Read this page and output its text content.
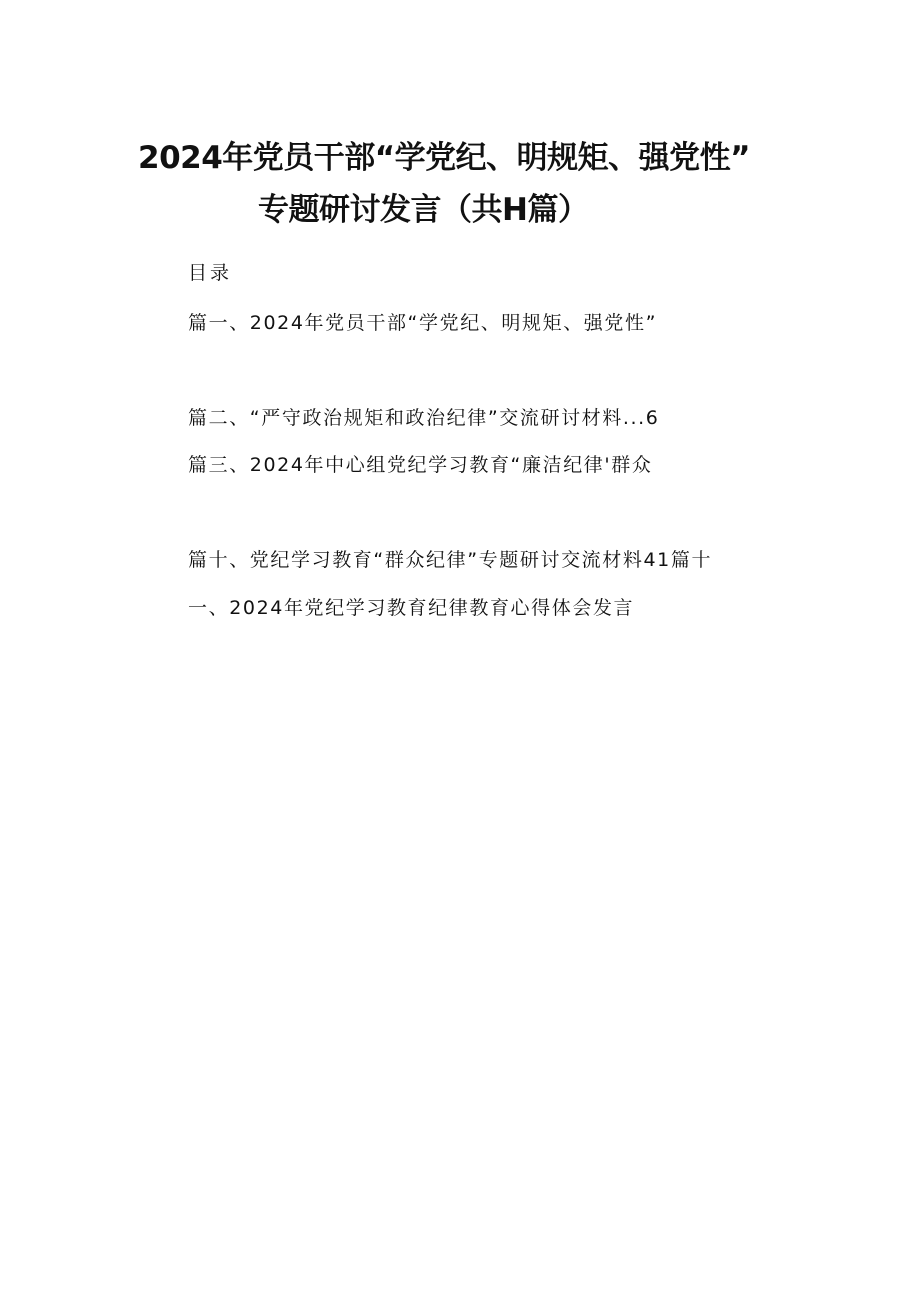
2024年党员干部“学党纪、明规矩、强党性”
专题研讨发言（共H篇）
目录
篇一、2024年党员干部“学党纪、明规矩、强党性”
篇二、“严守政治规矩和政治纪律”交流研讨材料...6
篇三、2024年中心组党纪学习教育“廉洁纪律'群众
篇十、党纪学习教育“群众纪律”专题研讨交流材料41篇十
一、2024年党纪学习教育纪律教育心得体会发言
